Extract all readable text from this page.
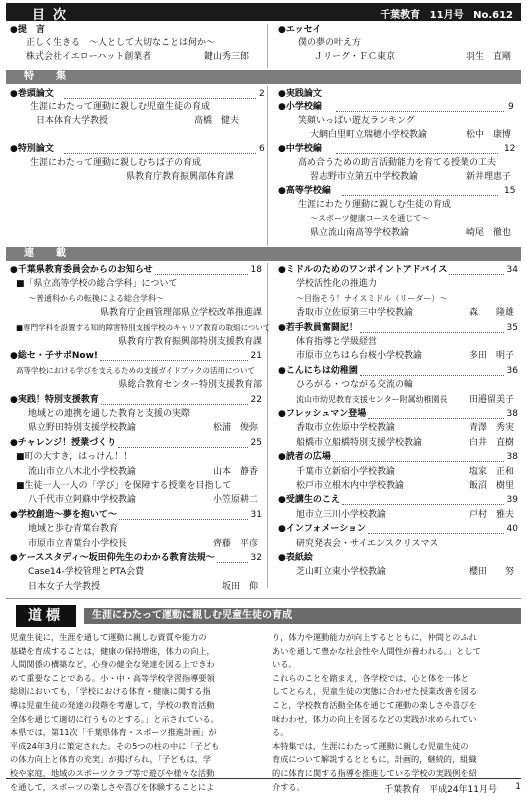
目次	千葉教育 11月号 No.612
●提　言
正しく生きる　〜人として大切なことは何か〜
株式会社イエローハット創業者	鍵山秀三郎
●エッセイ
僕の夢の叶え方
Ｊリーグ・ＦＣ東京	羽生　直剛
特　集
●巻頭論文	2
生涯にわたって運動に親しむ児童生徒の育成
日本体育大学教授	高橋　健夫
●特別論文	6
生涯にわたって運動に親しむちば子の育成
県教育庁教育振興部体育課
●実践論文
●小学校編	9
笑顔いっぱい遊友ランキング
大網白里町立瑞穂小学校教諭	松中　康博
●中学校編	12
高め合うための助言活動能力を育てる授業の工夫
習志野市立第五中学校教諭	新井理恵子
●高等学校編	15
生涯にわたり運動に親しむ生徒の育成
〜スポーツ健康コースを通じて〜
県立流山南高等学校教諭	崎尾　徹也
連　載
●千葉県教育委員会からのお知らせ	18
■「県立高等学校の総合学科」について
〜普通科からの転換による総合学科〜
県教育庁企画管理部県立学校改革推進課
■専門学科を設置する知的障害特別支援学校のキャリア教育の取組について
県教育庁教育振興部特別支援教育課
●総セ・子サポNow!	21
高等学校における学びを支えるための支援ガイドブックの活用について
県総合教育センター特別支援教育部
●実践！特別支援教育	22
地域との連携を通した教育と支援の実際
県立野田特別支援学校教諭	松浦　俊弥
●チャレンジ！授業づくり	25
■町の大すき，はっけん！！
流山市立八木北小学校教諭	山本　静香
■生徒一人一人の「学び」を保障する授業を目指して
八千代市立阿蘇中学校教諭	小笠原耕二
●学校創造〜夢を抱いて〜	31
地域と歩む青葉台教育
市原市立青葉台小学校長	齊藤　平彦
●ケーススタディ〜坂田仰先生のわかる教育法規〜	32
Case14-学校管理とPTA会費
日本女子大学教授	坂田　仰
●ミドルのためのワンポイントアドバイス	34
学校活性化の推進力
〜目指そう！ナイスミドル（リーダー）〜
香取市立佐原第三中学校教諭	森　　隆雄
●若手教員奮闘記！	35
体育指導と学級経営
市原市立ちはら台桜小学校教諭	多田　明子
●こんにちは幼稚園	36
ひろがる・つながる交流の輪
流山市幼児教育支援センター附属幼稚園長 田邉留美子
●フレッシュマン登場	38
香取市立佐原中学校教諭	青澤　秀実
船橋市立船橋特別支援学校教諭	白井　直樹
●読者の広場	38
千葉市立新宿小学校教諭	塩家　正和
松戸市立根木内中学校教諭	飯沼　樹里
●受講生のこえ	39
旭市立三川小学校教諭	戸村　雅夫
●インフォメーション	40
研究発表会・サイエンスクリスマス
●表紙絵
芝山町立東小学校教諭	櫻田　　努
道標	生涯にわたって運動に親しむ児童生徒の育成
児童生徒に，生涯を通して運動に親しむ資質や能力の
基礎を育成することは，健康の保持増進，体力の向上，
人間関係の構築など，心身の健全な発達を図る上できわ
めて重要なことである。小・中・高等学校学習指導要領
総則においても，「学校における体育・健康に関する指
導は児童生徒の発達の段階を考慮して，学校の教育活動
全体を通じて適切に行うものとする。」と示されている。
本県では，第11次「千葉県体育・スポーツ推進計画」が
平成24年3月に策定された。その5つの柱の中に「子ども
の体力向上と体育の充実」が掲げられ，「子どもは，学
校や家庭，地域のスポーツクラブ等で遊びや様々な活動
を通して，スポーツの楽しさや喜びを体験することによ
り，体力や運動能力が向上するとともに，仲間とのふれ
あいを通して豊かな社会性や人間性が養われる。」として
いる。
これらのことを踏まえ，各学校では，心と体を一体と
してとらえ，児童生徒の実態に合わせた授業改善を図る
こと，学校教育活動全体を通じて運動の楽しさや喜びを
味わわせ，体力の向上を図るなどの実践が求められてい
る。
本特集では，生涯にわたって運動に親しむ児童生徒の
育成について解説するとともに，計画的，継続的，組織
的に体育に関する指導を推進している学校の実践例を紹
介する。	千葉教育　平成24年11月号 1
